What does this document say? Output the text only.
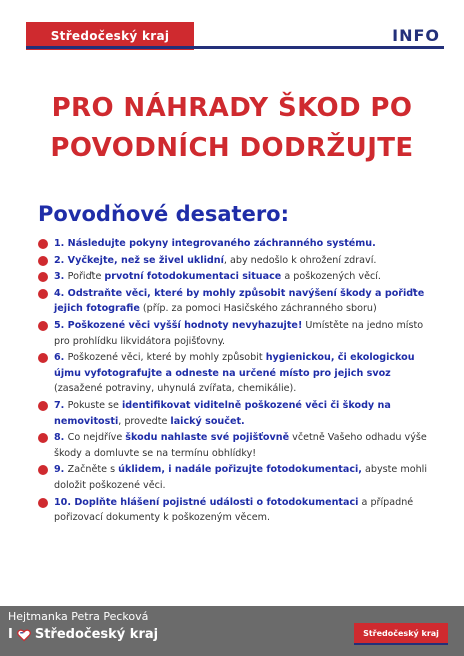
Středočeský kraj	INFO
PRO NÁHRADY ŠKOD PO
POVODNÍCH DODRŽUJTE
Povodňové desatero:
1. Následujte pokyny integrovaného záchranného systému.
2. Vyčkejte, než se živel uklidní, aby nedošlo k ohrožení zdraví.
3. Pořiďte prvotní fotodokumentaci situace a poškozených věcí.
4. Odstraňte věci, které by mohly způsobit navýšení škody a pořiďte jejich fotografie (příp. za pomoci Hasičského záchranného sboru)
5. Poškozené věci vyšší hodnoty nevyhazujte! Umístěte na jedno místo pro prohlídku likvidátora pojišťovny.
6. Poškozené věci, které by mohly způsobit hygienickou, či ekologickou újmu vyfotografujte a odneste na určené místo pro jejich svoz (zasažené potraviny, uhynulá zvířata, chemikálie).
7. Pokuste se identifikovat viditelně poškozené věci či škody na nemovitosti, provedte laický součet.
8. Co nejdříve škodu nahlaste své pojišťovně včetně Vašeho odhadu výše škody a domluvte se na termínu obhlídky!
9. Začněte s úklidem, i nadále pořizujte fotodokumentaci, abyste mohli doložit poškozené věci.
10. Doplňte hlášení pojistné události o fotodokumentaci a případné pořizovací dokumenty k poškozeným věcem.
Hejtmanka Petra Pecková
I Středočeský kraj	Středočeský kraj
